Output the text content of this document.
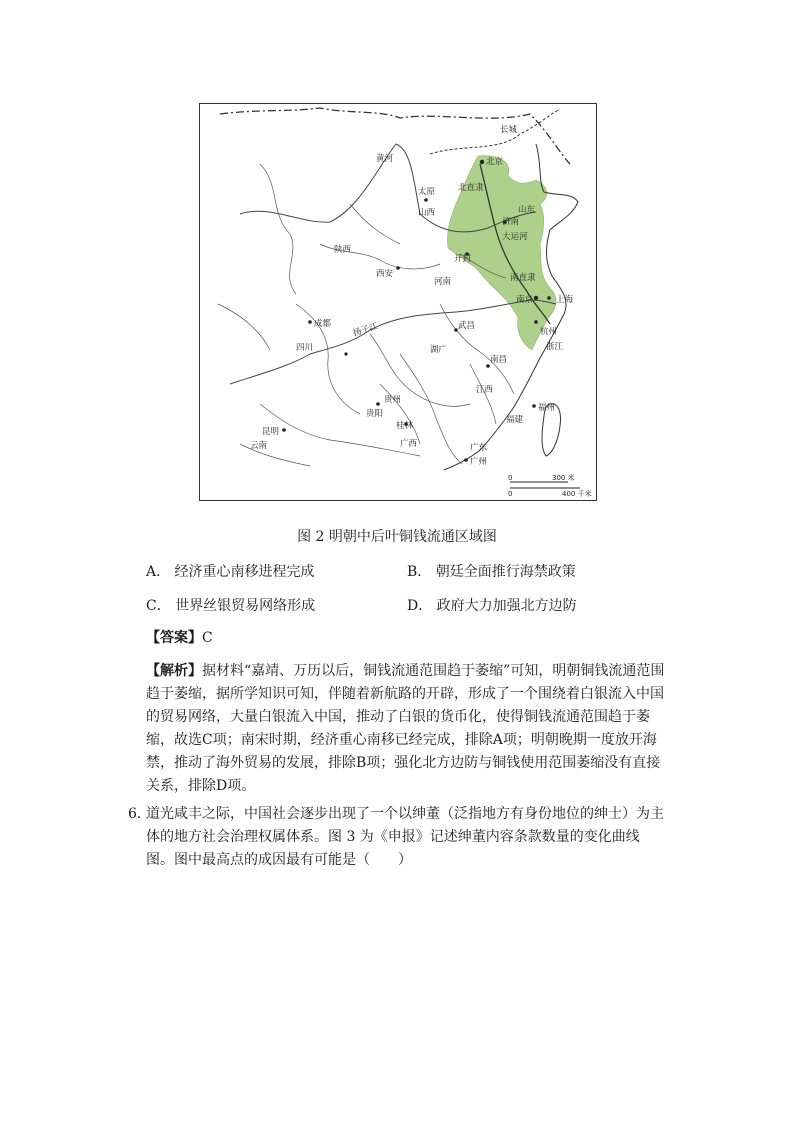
长城
黄河	北京
北直隶
太原
山西	山东
济南
大运河
陕西
开封
西安
河南	南直隶
南京	上海
杭州
浙江
成都
四川
扬子江	武昌
湖广
南昌
江西
贵州
贵阳
桂林
福州
福建
昆明
云南	广西	广东
广州
0	300 米
0	400 千米
图 2 明朝中后叶铜钱流通区域图
A． 经济重心南移进程完成	B． 朝廷全面推行海禁政策
C． 世界丝银贸易网络形成	D． 政府大力加强北方边防
【答案】C
【解析】据材料“嘉靖、万历以后，铜钱流通范围趋于萎缩”可知，明朝铜钱流通范围趋于萎缩，据所学知识可知，伴随着新航路的开辟，形成了一个围绕着白银流入中国的贸易网络，大量白银流入中国，推动了白银的货币化，使得铜钱流通范围趋于萎缩，故选C项；南宋时期，经济重心南移已经完成，排除A项；明朝晚期一度放开海禁，推动了海外贸易的发展，排除B项；强化北方边防与铜钱使用范围萎缩没有直接关系，排除D项。
6．
道光咸丰之际，中国社会逐步出现了一个以绅董（泛指地方有身份地位的绅士）为主体的地方社会治理权属体系。图 3 为《申报》记述绅董内容条款数量的变化曲线图。图中最高点的成因最有可能是（　　）
